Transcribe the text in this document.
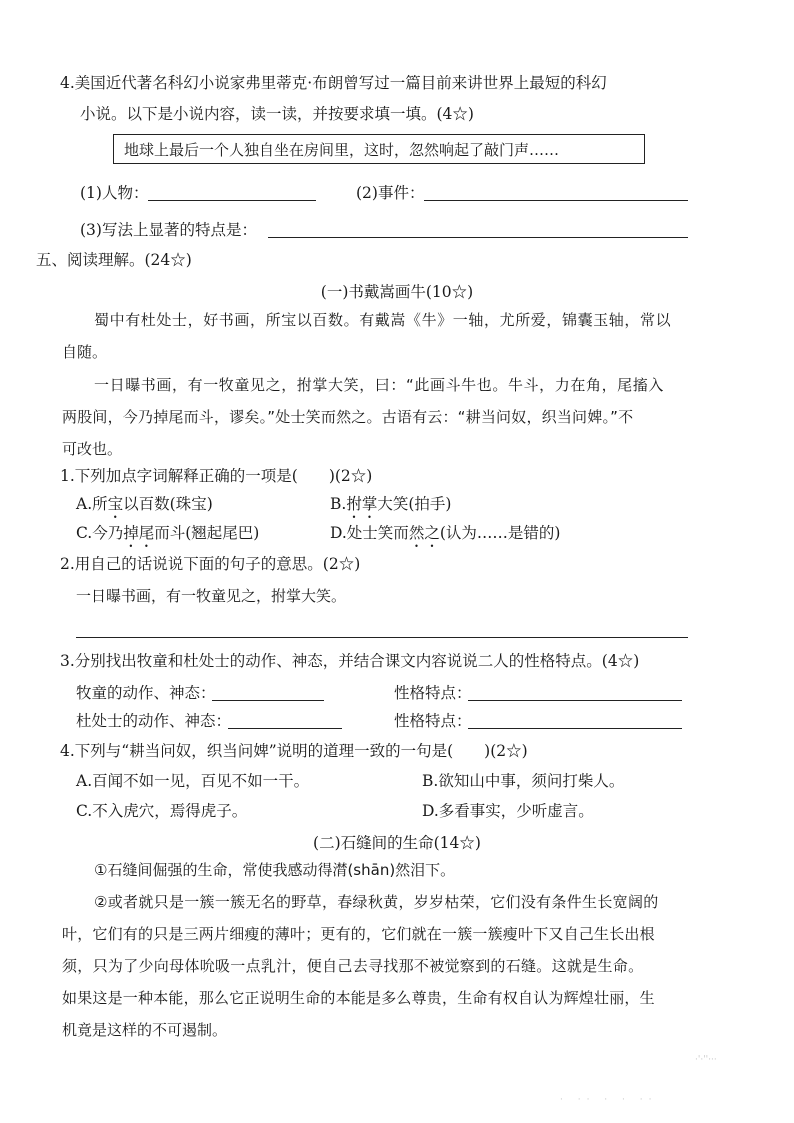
4.美国近代著名科幻小说家弗里蒂克·布朗曾写过一篇目前来讲世界上最短的科幻
小说。以下是小说内容，读一读，并按要求填一填。(4☆)
地球上最后一个人独自坐在房间里，这时，忽然响起了敲门声……
(1)人物：	(2)事件：
(3)写法上显著的特点是：
五、阅读理解。(24☆)
(一)书戴嵩画牛(10☆)
蜀中有杜处士，好书画，所宝以百数。有戴嵩《牛》一轴，尤所爱，锦囊玉轴，常以
自随。
一日曝书画，有一牧童见之，拊掌大笑，曰：“此画斗牛也。牛斗，力在角，尾搐入
两股间，今乃掉尾而斗，谬矣。”处士笑而然之。古语有云：“耕当问奴，织当问婢。”不
可改也。
1.下列加点字词解释正确的一项是(　　)(2☆)
A.所宝以百数(珠宝)	B.拊掌大笑(拍手)
C.今乃掉尾而斗(翘起尾巴)	D.处士笑而然之(认为……是错的)
2.用自己的话说说下面的句子的意思。(2☆)
一日曝书画，有一牧童见之，拊掌大笑。
3.分别找出牧童和杜处士的动作、神态，并结合课文内容说说二人的性格特点。(4☆)
牧童的动作、神态：	性格特点：
杜处士的动作、神态：	性格特点：
4.下列与“耕当问奴，织当问婢”说明的道理一致的一句是(　　)(2☆)
A.百闻不如一见，百见不如一干。	B.欲知山中事，须问打柴人。
C.不入虎穴，焉得虎子。	D.多看事实，少听虚言。
(二)石缝间的生命(14☆)
①石缝间倔强的生命，常使我感动得潸(shān)然泪下。
②或者就只是一簇一簇无名的野草，春绿秋黄，岁岁枯荣，它们没有条件生长宽阔的
叶，它们有的只是三两片细瘦的薄叶；更有的，它们就在一簇一簇瘦叶下又自己生长出根
须，只为了少向母体吮吸一点乳汁，便自己去寻找那不被觉察到的石缝。这就是生命。
如果这是一种本能，那么它正说明生命的本能是多么尊贵，生命有权自认为辉煌壮丽，生
机竟是这样的不可遏制。
·'·''···
· ·· · · ··
